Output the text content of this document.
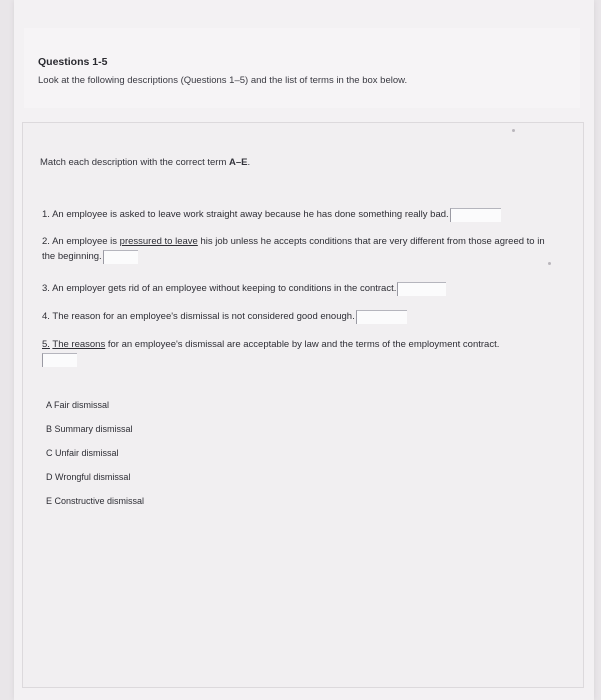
Questions 1-5
Look at the following descriptions (Questions 1–5) and the list of terms in the box below.
Match each description with the correct term A–E.
1. An employee is asked to leave work straight away because he has done something really bad.
2. An employee is pressured to leave his job unless he accepts conditions that are very different from those agreed to in the beginning.
3. An employer gets rid of an employee without keeping to conditions in the contract.
4. The reason for an employee's dismissal is not considered good enough.
5. The reasons for an employee's dismissal are acceptable by law and the terms of the employment contract.

A Fair dismissal
B Summary dismissal
C Unfair dismissal
D Wrongful dismissal
E Constructive dismissal
